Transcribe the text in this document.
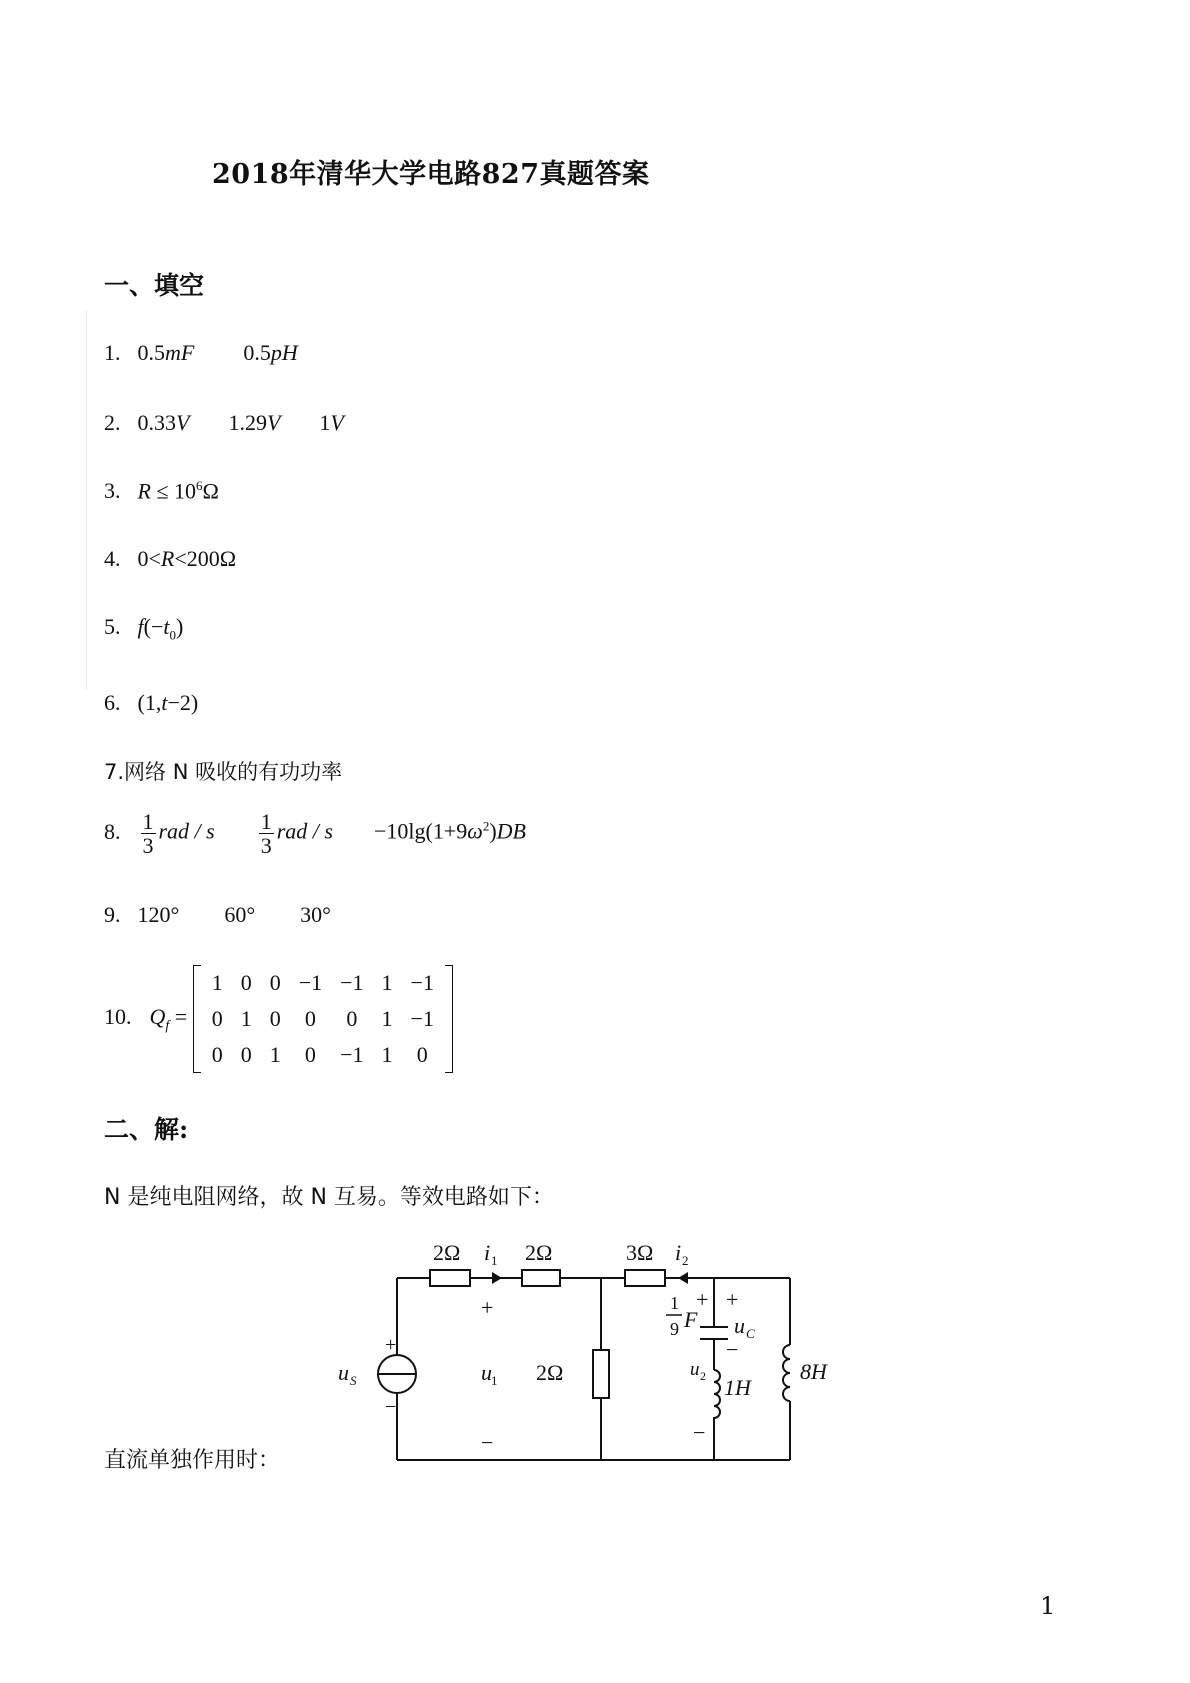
2018年清华大学电路827真题答案
一、填空
1. 0.5mF 0.5pH
2. 0.33V 1.29V 1V
3. $R \le 10^6\Omega$
4. 0<R<200Ω
5. $f(-t_0)$
6. (1,t−2)
7.网络 N 吸收的有功功率
8. $\frac{1}{3}$ rad / s $\frac{1}{3}$ rad / $s -10\lg(1+9\omega^2)DB$
9. 120° 60° 30°
10. $Q_f$ =
1	0	0	−1	−1	1	−1
0	1	0	0	0	1	−1
0	0	1	0	−1	1	0
二、解:
N 是纯电阻网络，故 N 互易。等效电路如下：
2Ω i 1 2Ω	3Ω i 2
+
−
u 1
+
−
u S	2Ω
1
9 F
+ +
u C
−
u 2 1H
−
8H
直流单独作用时：
1
